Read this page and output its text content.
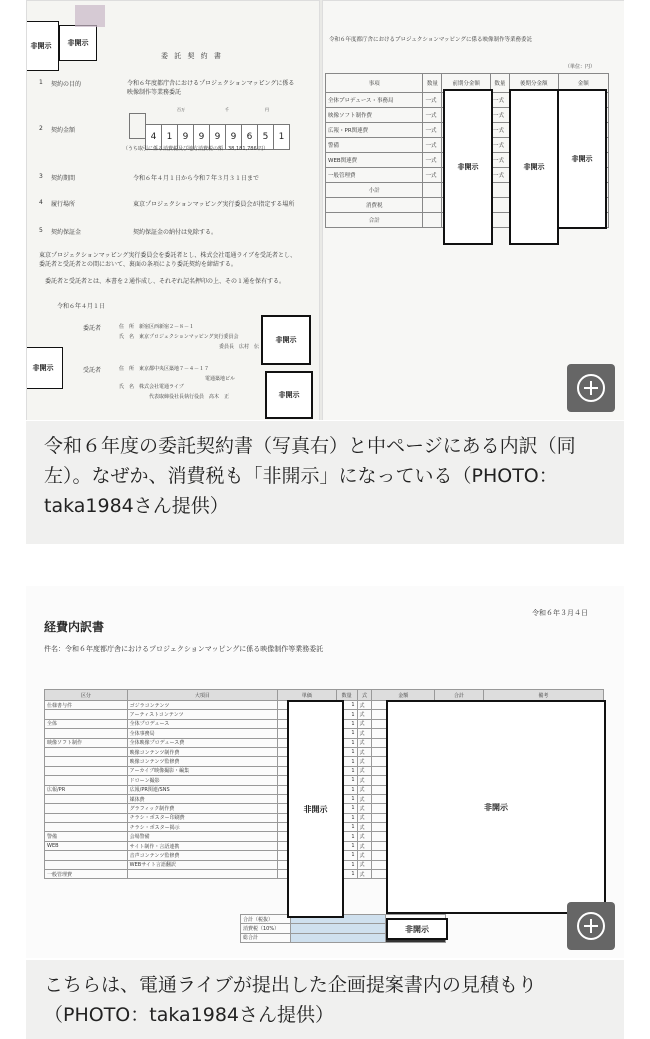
非開示	非開示
委 託 契 約 書
1 契約の目的	令和６年度都庁舎におけるプロジェクションマッピングに係る映像制作等業務委託
2 契約金額
4 1 9 9 9 9 6 5 1
百万	千	円
（うち取引に係る消費税及び地方消費税の額　38,181,786 円）
3 契約期間	令和６年４月１日から令和７年３月３１日まで
4 履行場所	東京プロジェクションマッピング実行委員会が指定する場所
5 契約保証金	契約保証金の納付は免除する。
東京プロジェクションマッピング実行委員会を委託者とし、株式会社電通ライブを受託者とし、委託者と受託者との間において、裏面の条項により委託契約を締結する。
委託者と受託者とは、本書を２通作成し、それぞれ記名押印の上、その１通を保有する。
令和６年４月１日
委託者	住　所　新宿区西新宿２－８－１
氏　名　東京プロジェクションマッピング実行委員会
委員長　広村　伝
非開示
非開示	受託者	住　所　東京都中央区築地７－４－１７
電通築地ビル
氏　名　株式会社電通ライブ
代表取締役社長執行役員　髙木　正	非開示
令和６年度都庁舎におけるプロジェクションマッピングに係る映像制作等業務委託
（単位：円）
事項	数量	前期分金額	数量	後期分金額	金額
全体プロデュース・事務局	一式		一式		
映像ソフト制作費	一式		一式		
広報・PR関連費	一式		一式		
警備	一式		一式		
WEB関連費	一式		一式		
一般管理費	一式		一式		
小計					
消費税					
合計					
非開示	非開示
非開示
令和６年度の委託契約書（写真右）と中ページにある内訳（同左）。なぜか、消費税も「非開示」になっている（PHOTO：taka1984さん提供）
令和６年３月４日
経費内訳書
件名：令和６年度都庁舎におけるプロジェクションマッピングに係る映像制作等業務委託
区分	大項目	単価	数量	式	金額	合計	備考
仕様書与件	ゴジラコンテンツ		1	式			
	アーティストコンテンツ		1	式			
全体	全体プロデュース		1	式			
	全体事務局		1	式			
映像ソフト制作	全体映像プロデュース費		1	式			
	映像コンテンツ制作費		1	式			
	映像コンテンツ監修費		1	式			
	アーカイブ映像撮影・編集		1	式			
	ドローン撮影		1	式			
広報/PR	広報/PR関連/SNS		1	式			
	媒体費		1	式			
	グラフィック制作費		1	式			
	チラシ・ポスター印刷費		1	式			
	チラシ・ポスター掲示		1	式			
警備	会場警備		1	式			
WEB	サイト制作・言語連携		1	式			
	音声コンテンツ監修費		1	式			
	WEBサイト言語翻訳		1	式			
一般管理費			1	式			
合計（税抜）		
消費税（10%）		
総合計		
非開示	非開示
非開示
こちらは、電通ライブが提出した企画提案書内の見積もり（PHOTO：taka1984さん提供）
